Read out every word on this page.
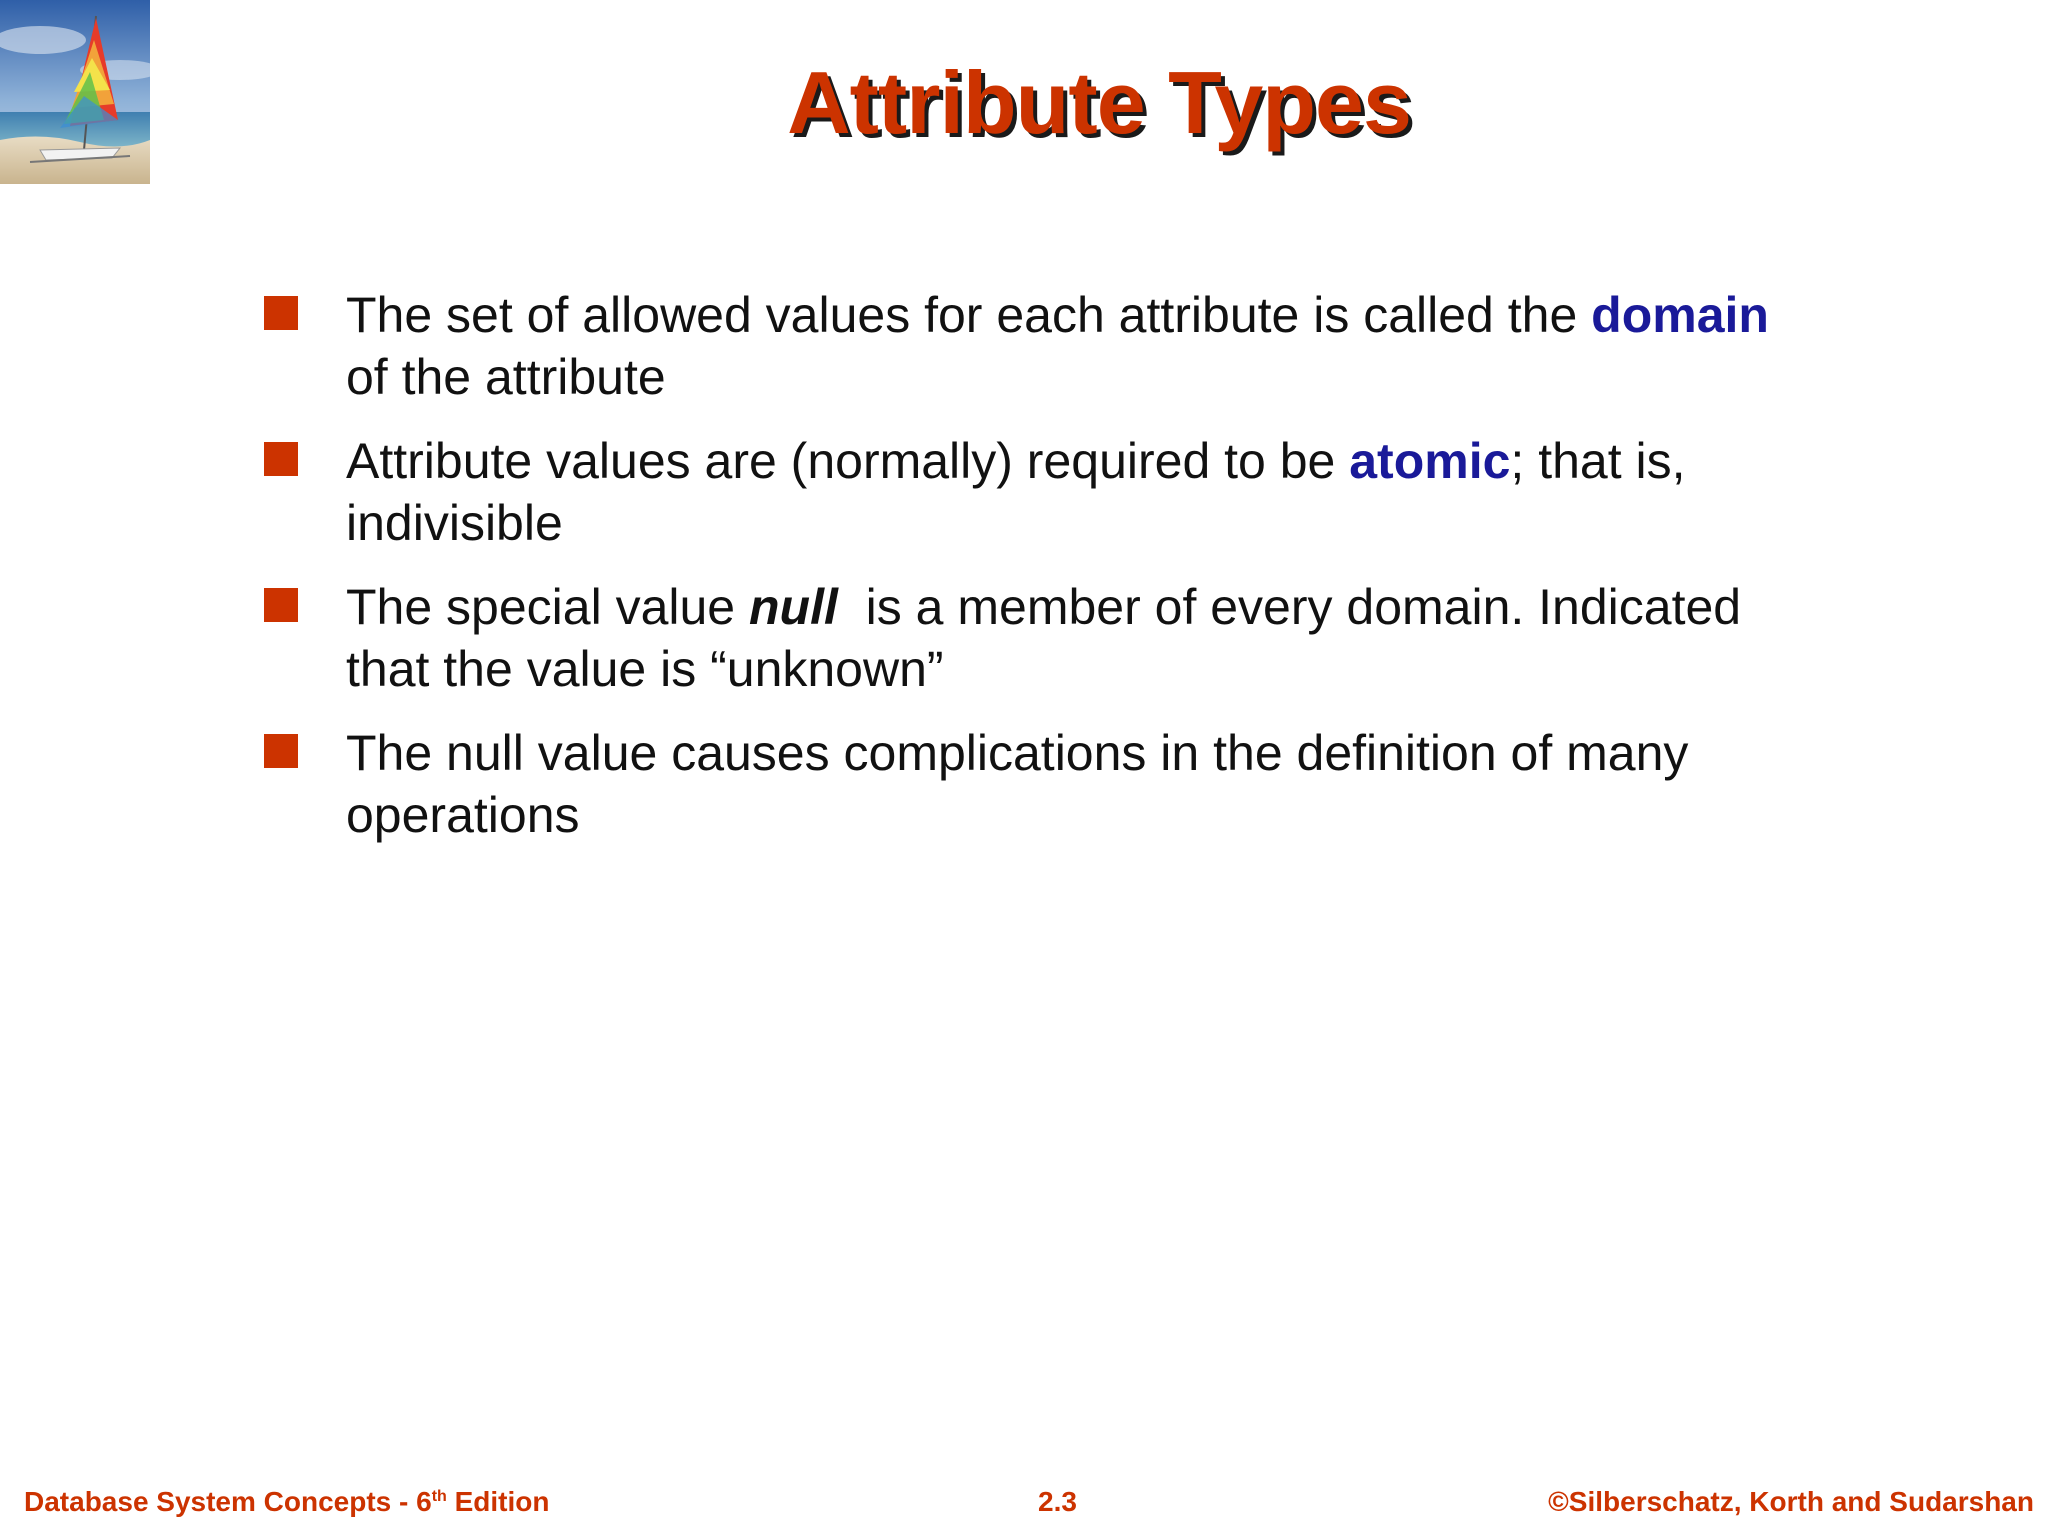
Attribute Types
The set of allowed values for each attribute is called the domain of the attribute
Attribute values are (normally) required to be atomic; that is, indivisible
The special value null  is a member of every domain. Indicated that the value is “unknown”
The null value causes complications in the definition of many operations
Database System Concepts - 6th Edition	2.3	©Silberschatz, Korth and Sudarshan
